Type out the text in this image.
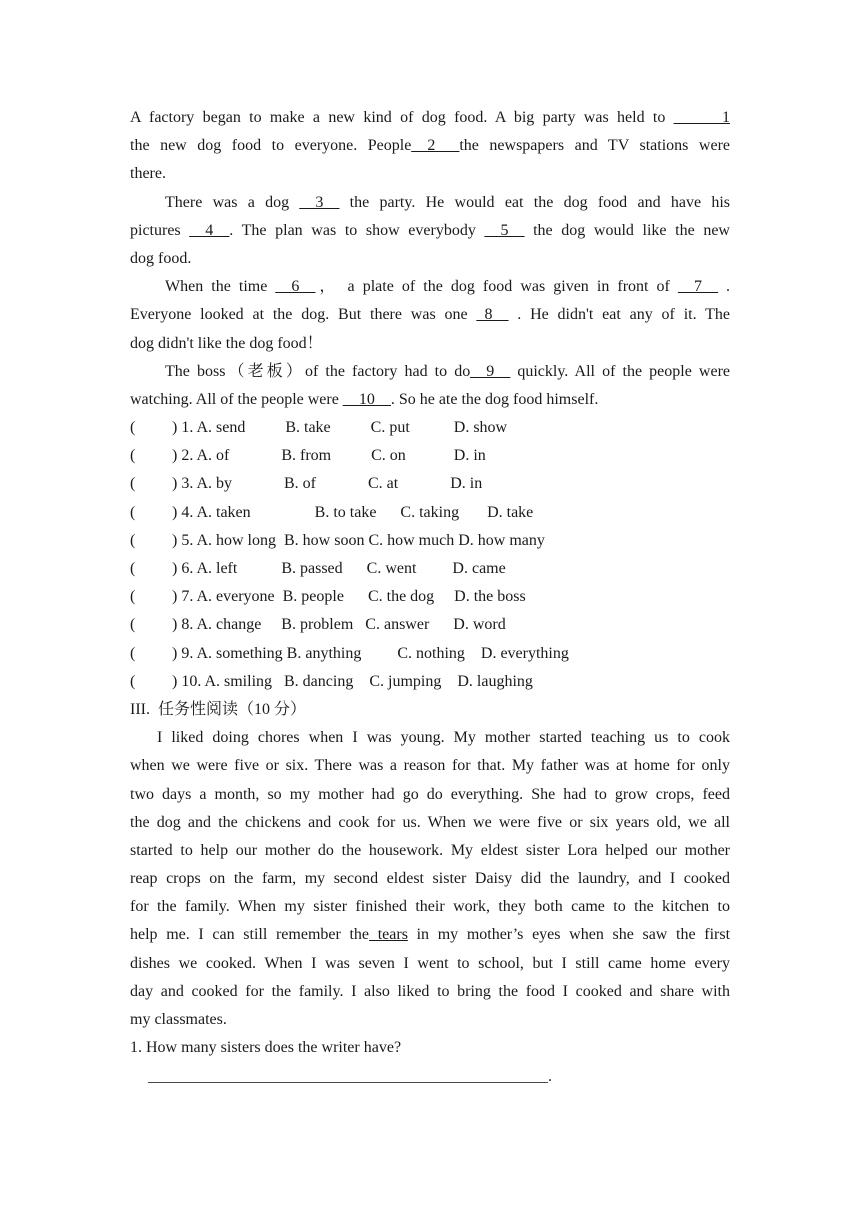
A factory began to make a new kind of dog food. A big party was held to __ ___1
the new dog food to everyone. People__2___the newspapers and TV stations were
there.
There was a dog __3__ the party. He would eat the dog food and have his
pictures __4__. The plan was to show everybody __5__ the dog would like the new
dog food.
When the time __6__， a plate of the dog food was given in front of __7__ .
Everyone looked at the dog. But there was one _8__ . He didn't eat any of it. The
dog didn't like the dog food！
The boss（老板）of the factory had to do__9__ quickly. All of the people were
watching. All of the people were __10__. So he ate the dog food himself.
(	) 1. A. send          B. take          C. put           D. show
(	) 2. A. of             B. from          C. on            D. in
(	) 3. A. by             B. of             C. at             D. in
(	) 4. A. taken                B. to take      C. taking       D. take
(	) 5. A. how long  B. how soon C. how much D. how many
(	) 6. A. left           B. passed      C. went         D. came
(	) 7. A. everyone  B. people      C. the dog     D. the boss
(	) 8. A. change     B. problem   C. answer      D. word
(	) 9. A. something B. anything         C. nothing    D. everything
(	) 10. A. smiling   B. dancing    C. jumping    D. laughing
III.  任务性阅读（10 分）
I liked doing chores when I was young. My mother started teaching us to cook
when we were five or six. There was a reason for that. My father was at home for only
two days a month, so my mother had go do everything. She had to grow crops, feed
the dog and the chickens and cook for us. When we were five or six years old, we all
started to help our mother do the housework. My eldest sister Lora helped our mother
reap crops on the farm, my second eldest sister Daisy did the laundry, and I cooked
for the family. When my sister finished their work, they both came to the kitchen to
help me. I can still remember the tears in my mother’s eyes when she saw the first
dishes we cooked. When I was seven I went to school, but I still came home every
day and cooked for the family. I also liked to bring the food I cooked and share with
my classmates.
1. How many sisters does the writer have?
__________________________________________________.
